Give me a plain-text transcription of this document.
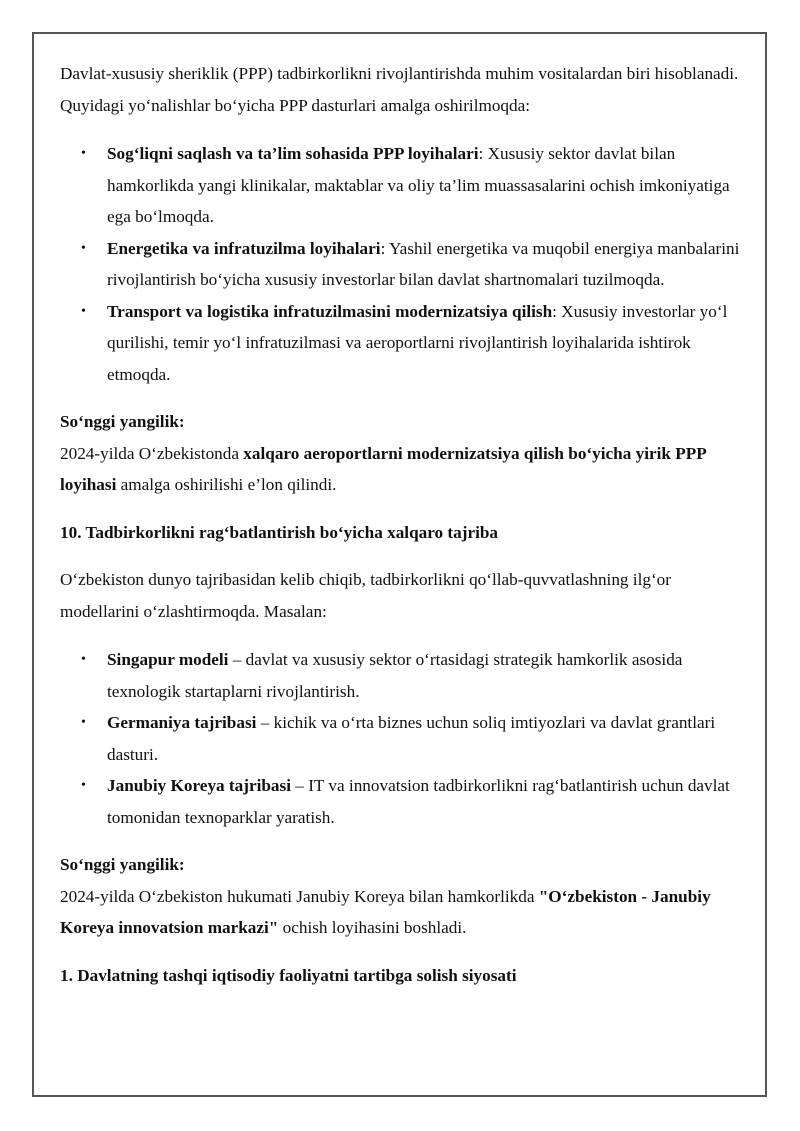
Davlat-xususiy sheriklik (PPP) tadbirkorlikni rivojlantirishda muhim vositalardan biri hisoblanadi. Quyidagi yo‘nalishlar bo‘yicha PPP dasturlari amalga oshirilmoqda:

• Sog‘liqni saqlash va ta’lim sohasida PPP loyihalari: Xususiy sektor davlat bilan hamkorlikda yangi klinikalar, maktablar va oliy ta’lim muassasalarini ochish imkoniyatiga ega bo‘lmoqda.
• Energetika va infratuzilma loyihalari: Yashil energetika va muqobil energiya manbalarini rivojlantirish bo‘yicha xususiy investorlar bilan davlat shartnomalari tuzilmoqda.
• Transport va logistika infratuzilmasini modernizatsiya qilish: Xususiy investorlar yo‘l qurilishi, temir yo‘l infratuzilmasi va aeroportlarni rivojlantirish loyihalarida ishtirok etmoqda.

So‘nggi yangilik:
2024-yilda O‘zbekistonda xalqaro aeroportlarni modernizatsiya qilish bo‘yicha yirik PPP loyihasi amalga oshirilishi e’lon qilindi.

10. Tadbirkorlikni rag‘batlantirish bo‘yicha xalqaro tajriba

O‘zbekiston dunyo tajribasidan kelib chiqib, tadbirkorlikni qo‘llab-quvvatlashning ilg‘or modellarini o‘zlashtirmoqda. Masalan:

• Singapur modeli – davlat va xususiy sektor o‘rtasidagi strategik hamkorlik asosida texnologik startaplarni rivojlantirish.
• Germaniya tajribasi – kichik va o‘rta biznes uchun soliq imtiyozlari va davlat grantlari dasturi.
• Janubiy Koreya tajribasi – IT va innovatsion tadbirkorlikni rag‘batlantirish uchun davlat tomonidan texnoparklar yaratish.

So‘nggi yangilik:
2024-yilda O‘zbekiston hukumati Janubiy Koreya bilan hamkorlikda "O‘zbekiston - Janubiy Koreya innovatsion markazi" ochish loyihasini boshladi.

1. Davlatning tashqi iqtisodiy faoliyatni tartibga solish siyosati
